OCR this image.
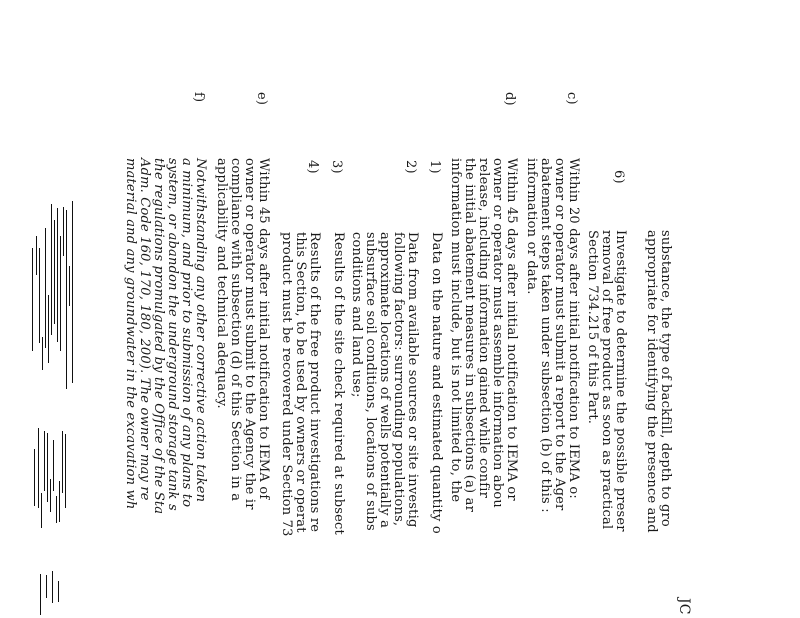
JC
substance, the type of backfill, depth to gro
appropriate for identifying the presence and
6)
Investigate to determine the possible preser
removal of free product as soon as practical
Section 734.215 of this Part.
c)
Within 20 days after initial notification to IEMA o:
owner or operator must submit a report to the Ager
abatement steps taken under subsection (b) of this :
information or data.
d)
Within 45 days after initial notification to IEMA or
owner or operator must assemble information abou
release, including information gained while confir
the initial abatement measures in subsections (a) ar
information must include, but is not limited to, the
1)
Data on the nature and estimated quantity o
2)
Data from available sources or site investig
following factors: surrounding populations,
approximate locations of wells potentially a
subsurface soil conditions, locations of subs
conditions and land use;
3)
Results of the site check required at subsect
4)
Results of the free product investigations re
this Section, to be used by owners or operat
product must be recovered under Section 73
e)
Within 45 days after initial notification to IEMA of
owner or operator must submit to the Agency the ir
compliance with subsection (d) of this Section in a
applicability and technical adequacy.
f)
Notwithstanding any other corrective action taken
a minimum, and prior to submission of any plans to
system, or abandon the underground storage tank s
the regulations promulgated by the Office of the Sta
Adm. Code 160, 170, 180, 200). The owner may re
material and any groundwater in the excavation wh
